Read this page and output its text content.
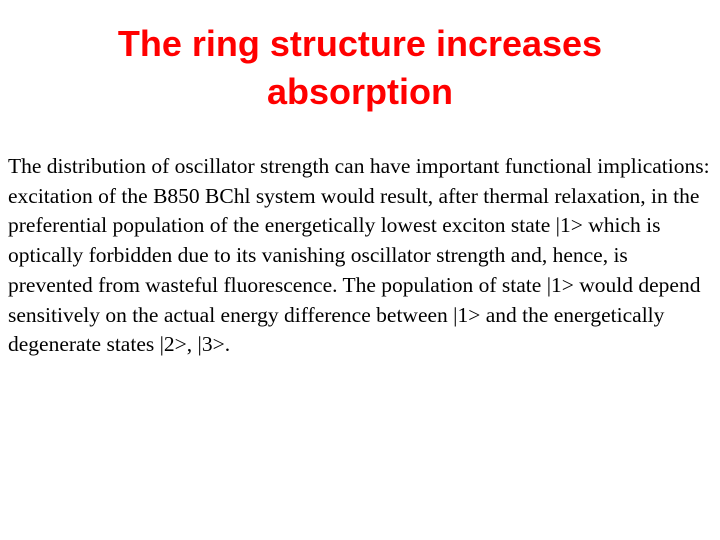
The ring structure increases
absorption
The distribution of oscillator strength can have important functional implications: excitation of the B850 BChl system would result, after thermal relaxation, in the preferential population of the energetically lowest exciton state |1> which is optically forbidden due to its vanishing oscillator strength and, hence, is prevented from wasteful fluorescence. The population of state |1> would depend sensitively on the actual energy difference between |1> and the energetically degenerate states |2>, |3>.
